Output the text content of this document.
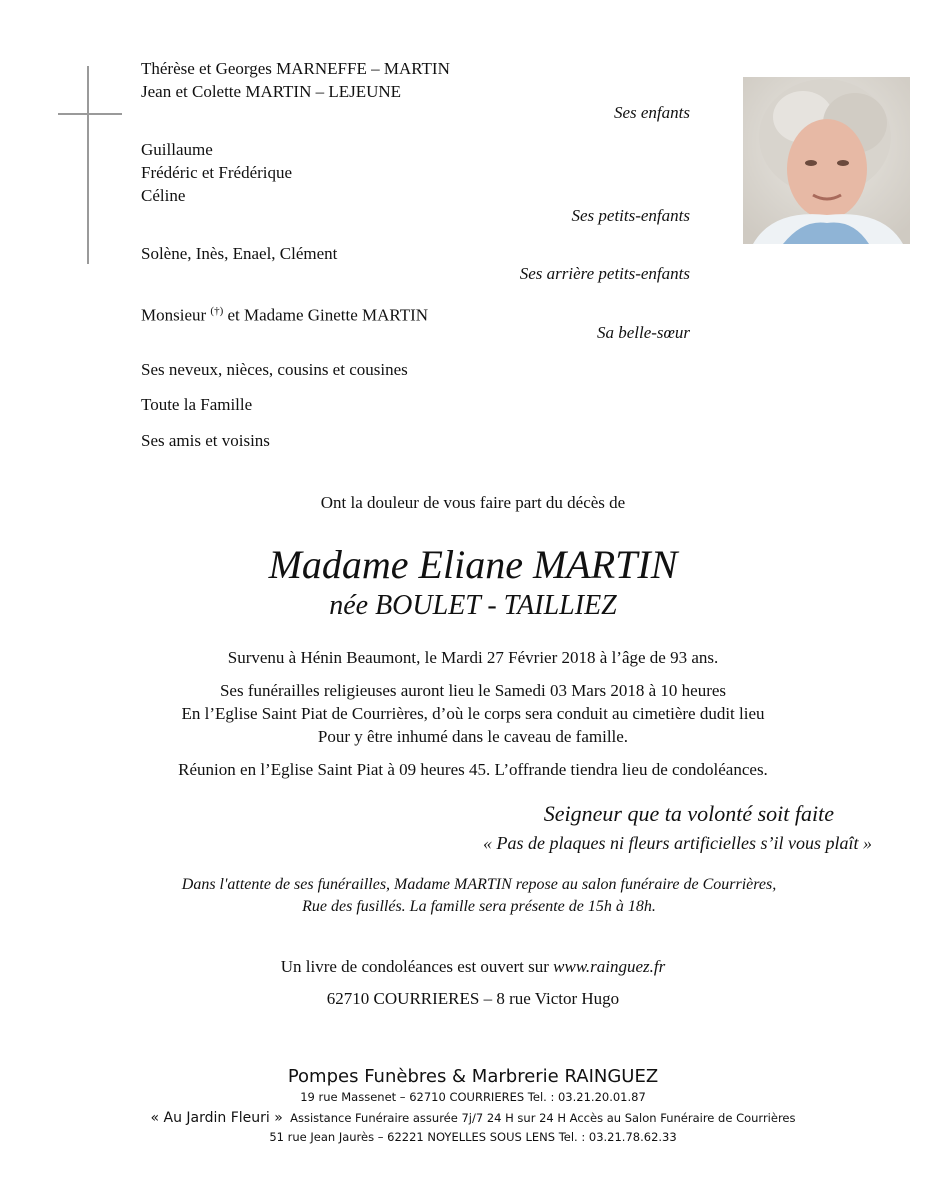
Thérèse et Georges MARNEFFE – MARTIN
Jean et Colette MARTIN – LEJEUNE
Ses enfants
Guillaume
Frédéric et Frédérique
Céline
Ses petits-enfants
Solène, Inès, Enael, Clément
Ses arrière petits-enfants
Monsieur (†) et Madame Ginette MARTIN
Sa belle-sœur
Ses neveux, nièces, cousins et cousines
Toute la Famille
Ses amis et voisins
Ont la douleur de vous faire part du décès de
Madame Eliane MARTIN
née BOULET - TAILLIEZ
Survenu à Hénin Beaumont, le Mardi 27 Février 2018 à l’âge de 93 ans.
Ses funérailles religieuses auront lieu le Samedi 03 Mars 2018 à 10 heures
En l’Eglise Saint Piat de Courrières, d’où le corps sera conduit au cimetière dudit lieu
Pour y être inhumé dans le caveau de famille.
Réunion en l’Eglise Saint Piat à 09 heures 45. L’offrande tiendra lieu de condoléances.
Seigneur que ta volonté soit faite
« Pas de plaques ni fleurs artificielles s’il vous plaît »
Dans l'attente de ses funérailles, Madame MARTIN repose au salon funéraire de Courrières,
Rue des fusillés. La famille sera présente de 15h à 18h.
Un livre de condoléances est ouvert sur www.rainguez.fr
62710 COURRIERES – 8 rue Victor Hugo
Pompes Funèbres & Marbrerie RAINGUEZ
19 rue Massenet – 62710 COURRIERES Tel. : 03.21.20.01.87
« Au Jardin Fleuri » Assistance Funéraire assurée 7j/7 24 H sur 24 H Accès au Salon Funéraire de Courrières
51 rue Jean Jaurès – 62221 NOYELLES SOUS LENS Tel. : 03.21.78.62.33
